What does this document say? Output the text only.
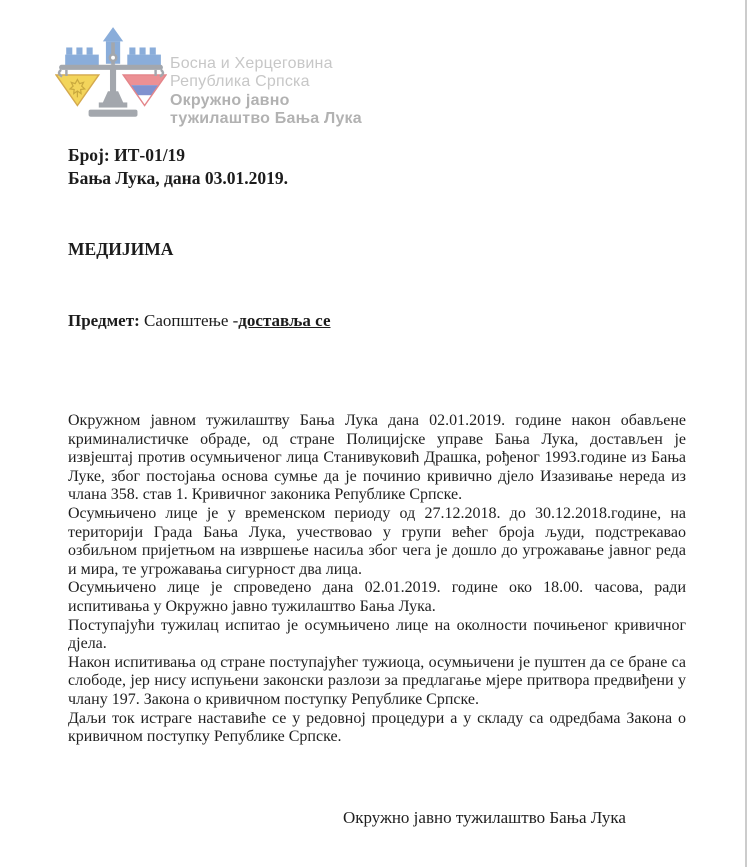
Босна и Херцеговина
Република Српска
Окружно јавно
тужилаштво Бања Лука
Број: ИТ-01/19
Бања Лука, дана 03.01.2019.
МЕДИЈИМА
Предмет: Саопштење -доставља се

Окружном јавном тужилаштву Бања Лука дана 02.01.2019. године након обављене криминалистичке обраде, од стране Полицијске управе Бања Лука, достављен је извјештај против осумњиченог лица Станивуковић Драшка, рођеног 1993.године из Бања Луке, због постојања основа сумње да је починио кривично дјело Изазивање нереда из члана 358. став 1. Кривичног законика Републике Српске.

Осумњичено лице је у временском периоду од 27.12.2018. до 30.12.2018.године, на територији Града Бања Лука, учествовао у групи већег броја људи, подстрекавао озбиљном пријетњом на извршење насиља због чега је дошло до угрожавање јавног реда и мира, те угрожавања сигурност два лица.

Осумњичено лице је спроведено дана 02.01.2019. године око 18.00. часова, ради испитивања у Окружно јавно тужилаштво Бања Лука.

Поступајући тужилац испитао је осумњичено лице на околности почињеног кривичног дјела.

Након испитивања од стране поступајућег тужиоца, осумњичени је пуштен да се бране са слободе, јер нису испуњени законски разлози за предлагање мјере притвора предвиђени у члану 197. Закона о кривичном поступку Републике Српске.

Даљи ток истраге наставиће се у редовној процедури а у складу са одредбама Закона о кривичном поступку Републике Српске.

Окружно јавно тужилаштво Бања Лука
